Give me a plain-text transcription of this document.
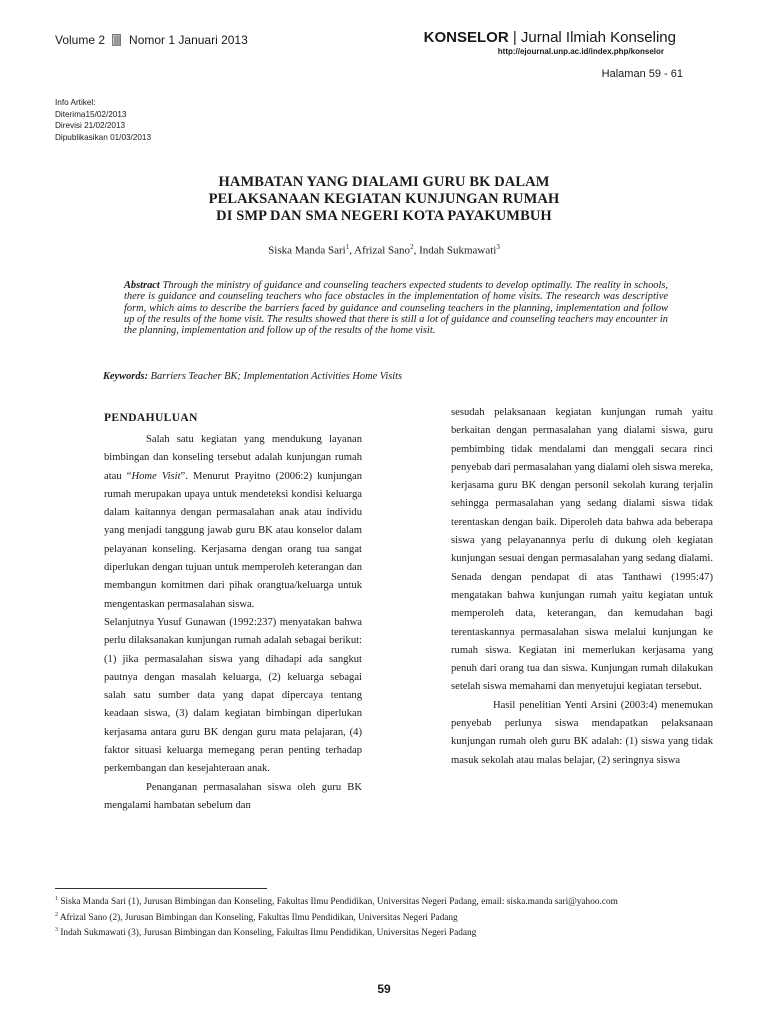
Volume 2 Nomor 1 Januari 2013	KONSELOR | Jurnal Ilmiah Konseling
http://ejournal.unp.ac.id/index.php/konselor
Halaman 59 - 61
Info Artikel:
Diterima15/02/2013
Direvisi 21/02/2013
Dipublikasikan 01/03/2013
HAMBATAN YANG DIALAMI GURU BK DALAM
PELAKSANAAN KEGIATAN KUNJUNGAN RUMAH
DI SMP DAN SMA NEGERI KOTA PAYAKUMBUH
Siska Manda Sari$^1$, Afrizal Sano$^2$, Indah Sukmawati$^3$
Abstract Through the ministry of guidance and counseling teachers expected students to develop optimally. The reality in schools, there is guidance and counseling teachers who face obstacles in the implementation of home visits. The research was descriptive form, which aims to describe the barriers faced by guidance and counseling teachers in the planning, implementation and follow up of the results of the home visit. The results showed that there is still a lot of guidance and counseling teachers may encounter in the planning, implementation and follow up of the results of the home visit.
Keywords: Barriers Teacher BK; Implementation Activities Home Visits
PENDAHULUAN

Salah satu kegiatan yang mendukung layanan bimbingan dan konseling tersebut adalah kunjungan rumah atau “Home Visit”. Menurut Prayitno (2006:2) kunjungan rumah merupakan upaya untuk mendeteksi kondisi keluarga dalam kaitannya dengan permasalahan anak atau individu yang menjadi tanggung jawab guru BK atau konselor dalam pelayanan konseling. Kerjasama dengan orang tua sangat diperlukan dengan tujuan untuk memperoleh keterangan dan membangun komitmen dari pihak orangtua/keluarga untuk mengentaskan permasalahan siswa.

Selanjutnya Yusuf Gunawan (1992:237) menyatakan bahwa perlu dilaksanakan kunjungan rumah adalah sebagai berikut: (1) jika permasalahan siswa yang dihadapi ada sangkut pautnya dengan masalah keluarga, (2) keluarga sebagai salah satu sumber data yang dapat dipercaya tentang keadaan siswa, (3) dalam kegiatan bimbingan diperlukan kerjasama antara guru BK dengan guru mata pelajaran, (4) faktor situasi keluarga memegang peran penting terhadap perkembangan dan kesejahteraan anak.

Penanganan permasalahan siswa oleh guru BK mengalami hambatan sebelum dan

sesudah pelaksanaan kegiatan kunjungan rumah yaitu berkaitan dengan permasalahan yang dialami siswa, guru pembimbing tidak mendalami dan menggali secara rinci penyebab dari permasalahan yang dialami oleh siswa mereka, kerjasama guru BK dengan personil sekolah kurang terjalin sehingga permasalahan yang sedang dialami siswa tidak terentaskan dengan baik. Diperoleh data bahwa ada beberapa siswa yang pelayanannya perlu di dukung oleh kegiatan kunjungan sesuai dengan permasalahan yang sedang dialami. Senada dengan pendapat di atas Tanthawi (1995:47) mengatakan bahwa kunjungan rumah yaitu kegiatan untuk memperoleh data, keterangan, dan kemudahan bagi terentaskannya permasalahan siswa melalui kunjungan ke rumah siswa. Kegiatan ini memerlukan kerjasama yang penuh dari orang tua dan siswa. Kunjungan rumah dilakukan setelah siswa memahami dan menyetujui kegiatan tersebut.

Hasil penelitian Yenti Arsini (2003:4) menemukan penyebab perlunya siswa mendapatkan pelaksanaan kunjungan rumah oleh guru BK adalah: (1) siswa yang tidak masuk sekolah atau malas belajar, (2) seringnya siswa

$^1$ Siska Manda Sari (1), Jurusan Bimbingan dan Konseling, Fakultas Ilmu Pendidikan, Universitas Negeri Padang, email: siska.manda sari@yahoo.com
$^2$ Afrizal Sano (2), Jurusan Bimbingan dan Konseling, Fakultas Ilmu Pendidikan, Universitas Negeri Padang
$^3$ Indah Sukmawati (3), Jurusan Bimbingan dan Konseling, Fakultas Ilmu Pendidikan, Universitas Negeri Padang
59
